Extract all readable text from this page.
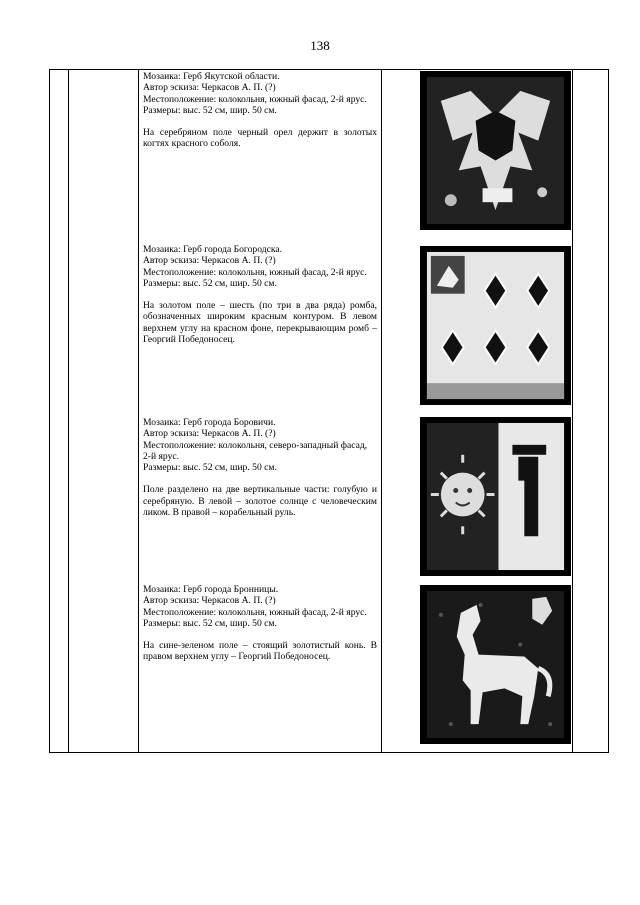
138

Мозаика: Герб Якутской области.

Автор эскиза: Черкасов А. П. (?)

Местоположение: колокольня, южный фасад, 2-й ярус.

Размеры: выс. 52 см, шир. 50 см.

На серебряном поле черный орел держит в золотых когтях красного соболя.

Мозаика: Герб города Богородска.

Автор эскиза: Черкасов А. П. (?)

Местоположение: колокольня, южный фасад, 2-й ярус.

Размеры: выс. 52 см, шир. 50 см.

На золотом поле – шесть (по три в два ряда) ромба, обозначенных широким красным контуром. В левом верхнем углу на красном фоне, перекрывающим ромб – Георгий Победоносец.

Мозаика: Герб города Боровичи.

Автор эскиза: Черкасов А. П. (?)

Местоположение: колокольня, северо-западный фасад, 2-й ярус.

Размеры: выс. 52 см, шир. 50 см.

Поле разделено на две вертикальные части: голубую и серебряную. В левой – золотое солнце с человеческим ликом. В правой – корабельный руль.

Мозаика: Герб города Бронницы.

Автор эскиза: Черкасов А. П. (?)

Местоположение: колокольня, южный фасад, 2-й ярус.

Размеры: выс. 52 см, шир. 50 см.

На сине-зеленом поле – стоящий золотистый конь. В правом верхнем углу – Георгий Победоносец.
